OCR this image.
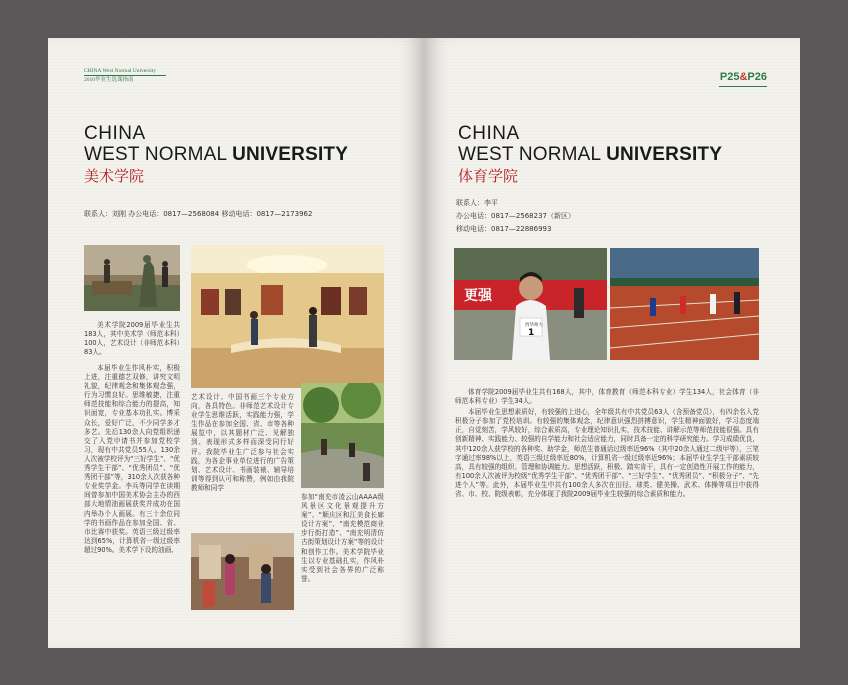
CHINA West Normal University
2010毕业生选课指南
CHINA
WEST NORMAL UNIVERSITY
美术学院
联系人：刘刚 办公电话：0817—2568084 移动电话：0817—2173962

美术学院2009届毕业生共183人，其中美术学（师范本科）100人，艺术设计（非师范本科）83人。

本届毕业生作风朴实，积极上进，注重德艺双修，讲究文明礼貌，纪律观念和集体观念强，行为习惯良好。思维敏捷，注重师范技能和综合能力的提高，知识面宽，专业基本功扎实。博采众长，爱好广泛，不少同学多才多艺。先后130余人向党组织递交了入党申请书并参加党校学习，现有中共党员55人。130余人次被学校评为“三好学生”、“优秀学生干部”、“优秀团员”、“优秀团干部”等，310余人次获各种专业奖学金。李兵等同学在读期间曾参加中国美术协会主办的西部大地情油画展获奖并成功在国内举办个人画展。有三十余位同学的书画作品在参加全国、省、市比赛中获奖。英语三级过级率达到65%，计算机省一级过级率超过90%。美术学下设的油画、

艺术设计、中国书画三个专业方向，各具特色。非师范艺术设计专业学生思维活跃，实践能力强，学生作品在参加全国、省、市等各种展览中，以其题材广泛、见解独到、表现形式多样而深受同行好评。我院毕业生广泛参与社会实践，为各企事业单位进行的广告策划、艺术设计、书画装裱、辅导培训等得到认可和称赞，例如由我院教师和同学

参加“南充市凌云山AAAA级风景区文化景观提升方案”、“顺庆区和江美食长廊设计方案”、“南充模范商业步行街打造”、“南充明清仿古街策划设计方案”等的设计和创作工作。美术学院毕业生以专业基础扎实，作风朴实受到社会各界的广泛称誉。

P25&P26
CHINA
WEST NORMAL UNIVERSITY
体育学院
联系人：李平
办公电话：0817—2568237（新区）
移动电话：0817—22886993
更强
西华师大
1

体育学院2009届毕业生共有168人，其中，体育教育（师范本科专业）学生134人，社会体育（非师范本科专业）学生34人。

本届毕业生思想素质好，有较强的上进心，全年级共有中共党员63人（含预备党员），有四余名入党积极分子参加了党校培训。有较强的集体观念，纪律意识强烈拼搏意识，学生精神面貌好，学习态度端正，自觉刻苦，学风较好，综合素质高，专业理论知识扎实，技术技能、讲解示范等师范技能很强。具有创新精神、实践能力、较强的自学能力和社会适应能力，同时具备一定的科学研究能力。学习成绩优良，其中120余人获学校的各种奖、助学金，师范生普通话过级率近96%（其中20余人通过二级甲等），三笔字通过率98%以上，英语三级过级率近80%，计算机省一级过级率近96%；本届毕业生学生干部素质较高，具有较强的组织、管理和协调能力。思想活跃，积极、踏实肯干，具有一定创造性开展工作的能力，有100余人次被评为校级“优秀学生干部”、“优秀团干部”、“三好学生”、“优秀团员”、“积极分子”、“先进个人”等。此外，本届毕业生中共有100余人多次在田径、球类、健美操、武术、体操等项目中获得省、市、校、院级表彰，充分体现了我院2009届毕业生较强的综合素质和能力。
